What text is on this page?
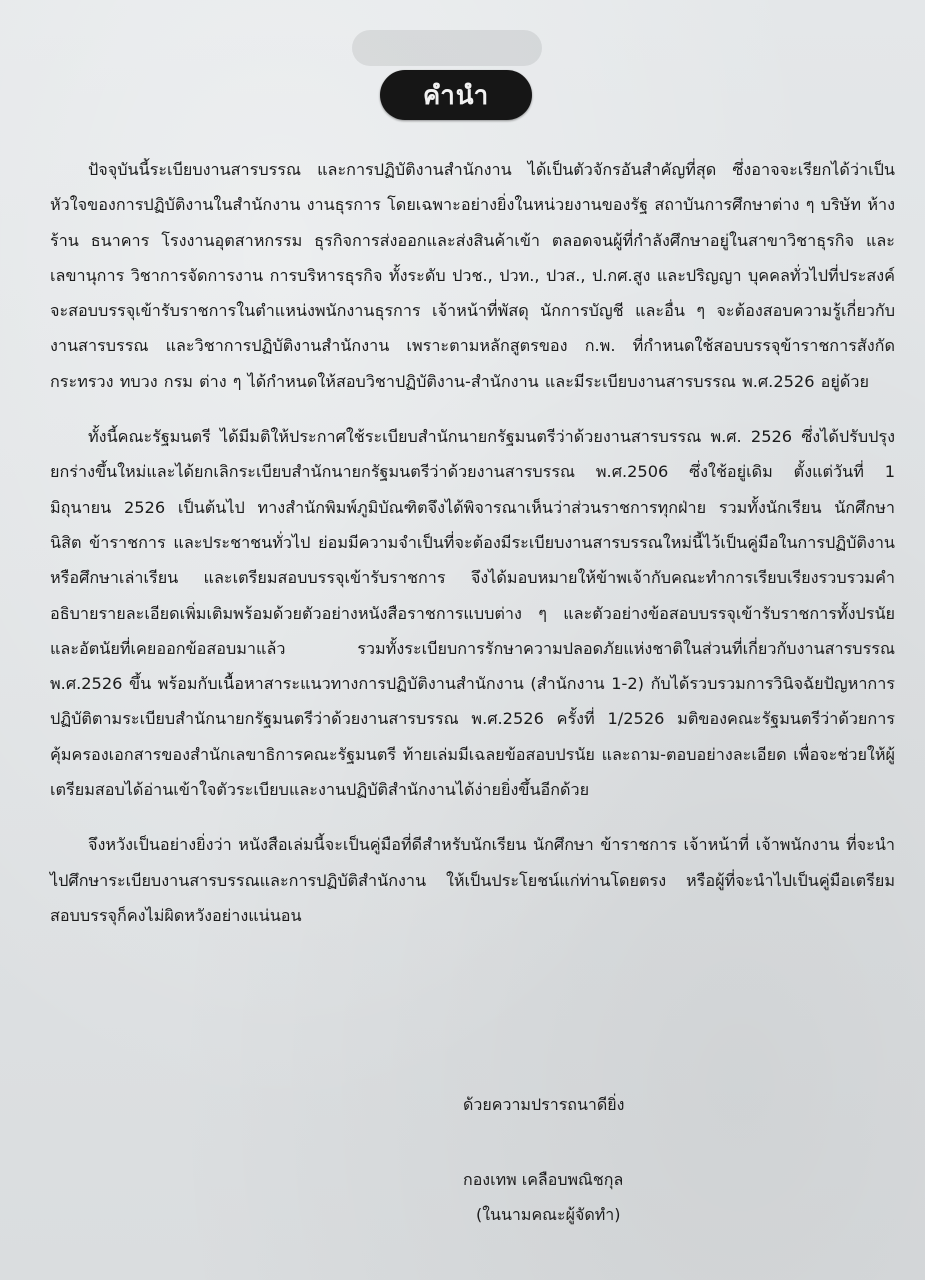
คำนำ

ปัจจุบันนี้ระเบียบงานสารบรรณ และการปฏิบัติงานสำนักงาน ได้เป็นตัวจักรอันสำคัญที่สุด ซึ่งอาจจะเรียกได้ว่าเป็นหัวใจของการปฏิบัติงานในสำนักงาน งานธุรการ โดยเฉพาะอย่างยิ่งในหน่วยงานของรัฐ สถาบันการศึกษาต่าง ๆ บริษัท ห้างร้าน ธนาคาร โรงงานอุตสาหกรรม ธุรกิจการส่งออกและส่งสินค้าเข้า ตลอดจนผู้ที่กำลังศึกษาอยู่ในสาขาวิชาธุรกิจ และเลขานุการ วิชาการจัดการงาน การบริหารธุรกิจ ทั้งระดับ ปวช., ปวท., ปวส., ป.กศ.สูง และปริญญา บุคคลทั่วไปที่ประสงค์จะสอบบรรจุเข้ารับราชการในตำแหน่งพนักงานธุรการ เจ้าหน้าที่พัสดุ นักการบัญชี และอื่น ๆ จะต้องสอบความรู้เกี่ยวกับงานสารบรรณ และวิชาการปฏิบัติงานสำนักงาน เพราะตามหลักสูตรของ ก.พ. ที่กำหนดใช้สอบบรรจุข้าราชการสังกัดกระทรวง ทบวง กรม ต่าง ๆ ได้กำหนดให้สอบวิชาปฏิบัติงาน-สำนักงาน และมีระเบียบงานสารบรรณ พ.ศ.2526 อยู่ด้วย

ทั้งนี้คณะรัฐมนตรี ได้มีมติให้ประกาศใช้ระเบียบสำนักนายกรัฐมนตรีว่าด้วยงานสารบรรณ พ.ศ. 2526 ซึ่งได้ปรับปรุงยกร่างขึ้นใหม่และได้ยกเลิกระเบียบสำนักนายกรัฐมนตรีว่าด้วยงานสารบรรณ พ.ศ.2506 ซึ่งใช้อยู่เดิม ตั้งแต่วันที่ 1 มิถุนายน 2526 เป็นต้นไป ทางสำนักพิมพ์ภูมิบัณฑิตจึงได้พิจารณาเห็นว่าส่วนราชการทุกฝ่าย รวมทั้งนักเรียน นักศึกษา นิสิต ข้าราชการ และประชาชนทั่วไป ย่อมมีความจำเป็นที่จะต้องมีระเบียบงานสารบรรณใหม่นี้ไว้เป็นคู่มือในการปฏิบัติงาน หรือศึกษาเล่าเรียน และเตรียมสอบบรรจุเข้ารับราชการ จึงได้มอบหมายให้ข้าพเจ้ากับคณะทำการเรียบเรียงรวบรวมคำอธิบายรายละเอียดเพิ่มเติมพร้อมด้วยตัวอย่างหนังสือราชการแบบต่าง ๆ และตัวอย่างข้อสอบบรรจุเข้ารับราชการทั้งปรนัยและอัตนัยที่เคยออกข้อสอบมาแล้ว รวมทั้งระเบียบการรักษาความปลอดภัยแห่งชาติในส่วนที่เกี่ยวกับงานสารบรรณ พ.ศ.2526 ขึ้น พร้อมกับเนื้อหาสาระแนวทางการปฏิบัติงานสำนักงาน (สำนักงาน 1-2) กับได้รวบรวมการวินิจฉัยปัญหาการปฏิบัติตามระเบียบสำนักนายกรัฐมนตรีว่าด้วยงานสารบรรณ พ.ศ.2526 ครั้งที่ 1/2526 มติของคณะรัฐมนตรีว่าด้วยการคุ้มครองเอกสารของสำนักเลขาธิการคณะรัฐมนตรี ท้ายเล่มมีเฉลยข้อสอบปรนัย และถาม-ตอบอย่างละเอียด เพื่อจะช่วยให้ผู้เตรียมสอบได้อ่านเข้าใจตัวระเบียบและงานปฏิบัติสำนักงานได้ง่ายยิ่งขึ้นอีกด้วย

จึงหวังเป็นอย่างยิ่งว่า หนังสือเล่มนี้จะเป็นคู่มือที่ดีสำหรับนักเรียน นักศึกษา ข้าราชการ เจ้าหน้าที่ เจ้าพนักงาน ที่จะนำไปศึกษาระเบียบงานสารบรรณและการปฏิบัติสำนักงาน ให้เป็นประโยชน์แก่ท่านโดยตรง หรือผู้ที่จะนำไปเป็นคู่มือเตรียมสอบบรรจุก็คงไม่ผิดหวังอย่างแน่นอน

ด้วยความปรารถนาดียิ่ง
กองเทพ เคลือบพณิชกุล
(ในนามคณะผู้จัดทำ)
